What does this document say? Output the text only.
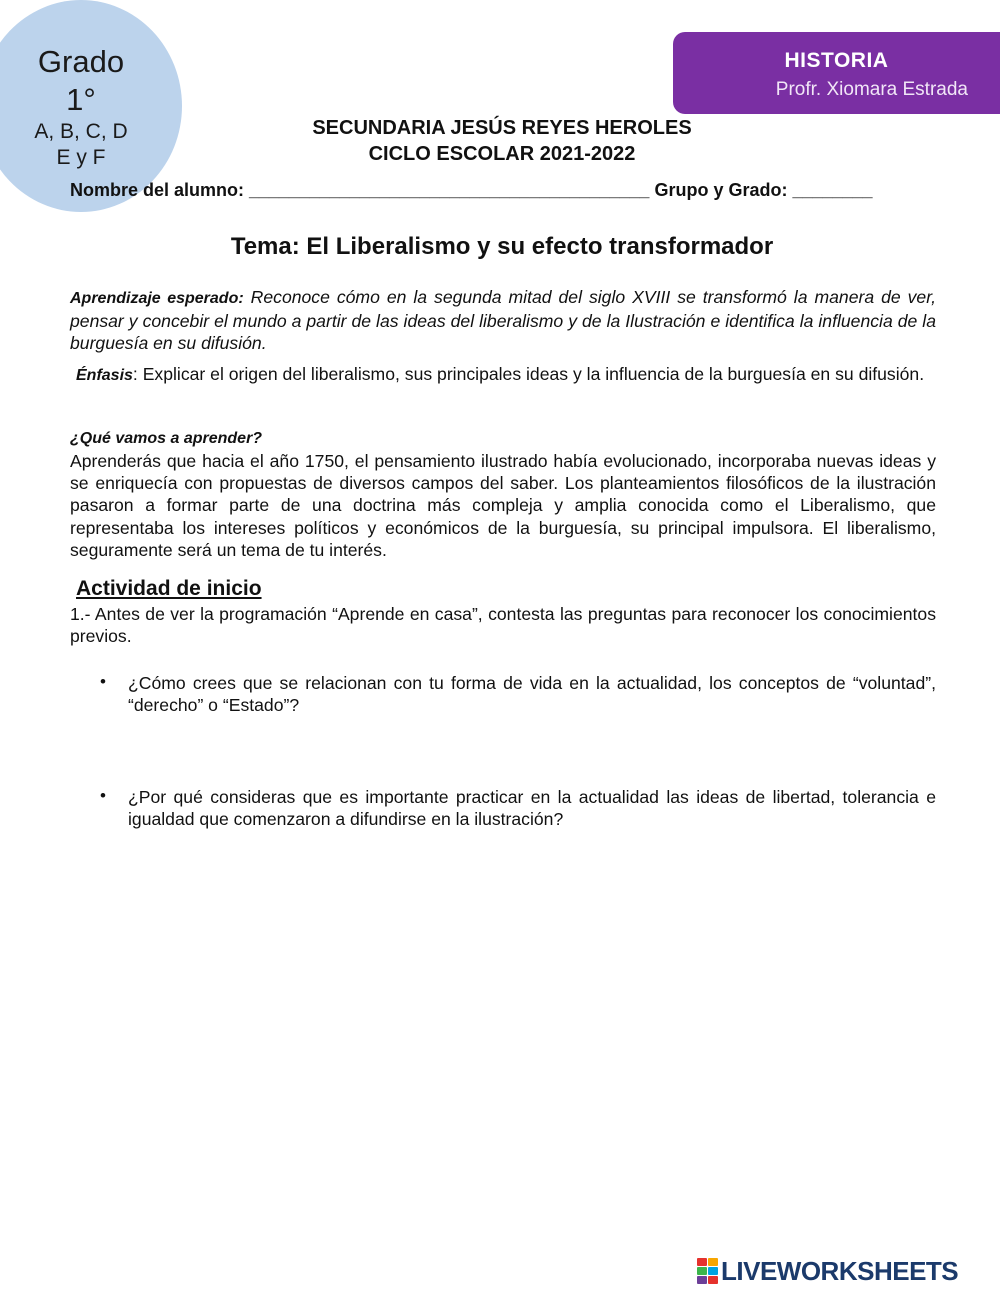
Grado
1°
A, B, C, D
E y F
HISTORIA
Profr. Xiomara Estrada
SECUNDARIA JESÚS REYES HEROLES
CICLO ESCOLAR 2021-2022
Nombre del alumno: ________________________________________ Grupo y Grado: ________
Tema: El Liberalismo y su efecto transformador
Aprendizaje esperado: Reconoce cómo en la segunda mitad del siglo XVIII se transformó la manera de ver, pensar y concebir el mundo a partir de las ideas del liberalismo y de la Ilustración e identifica la influencia de la burguesía en su difusión.
Énfasis: Explicar el origen del liberalismo, sus principales ideas y la influencia de la burguesía en su difusión.
¿Qué vamos a aprender?
Aprenderás que hacia el año 1750, el pensamiento ilustrado había evolucionado, incorporaba nuevas ideas y se enriquecía con propuestas de diversos campos del saber. Los planteamientos filosóficos de la ilustración pasaron a formar parte de una doctrina más compleja y amplia conocida como el Liberalismo, que representaba los intereses políticos y económicos de la burguesía, su principal impulsora. El liberalismo, seguramente será un tema de tu interés.
Actividad de inicio
1.- Antes de ver la programación “Aprende en casa”, contesta las preguntas para reconocer los conocimientos previos.
• ¿Cómo crees que se relacionan con tu forma de vida en la actualidad, los conceptos de “voluntad”, “derecho” o “Estado”?
• ¿Por qué consideras que es importante practicar en la actualidad las ideas de libertad, tolerancia e igualdad que comenzaron a difundirse en la ilustración?
LIVEWORKSHEETS
